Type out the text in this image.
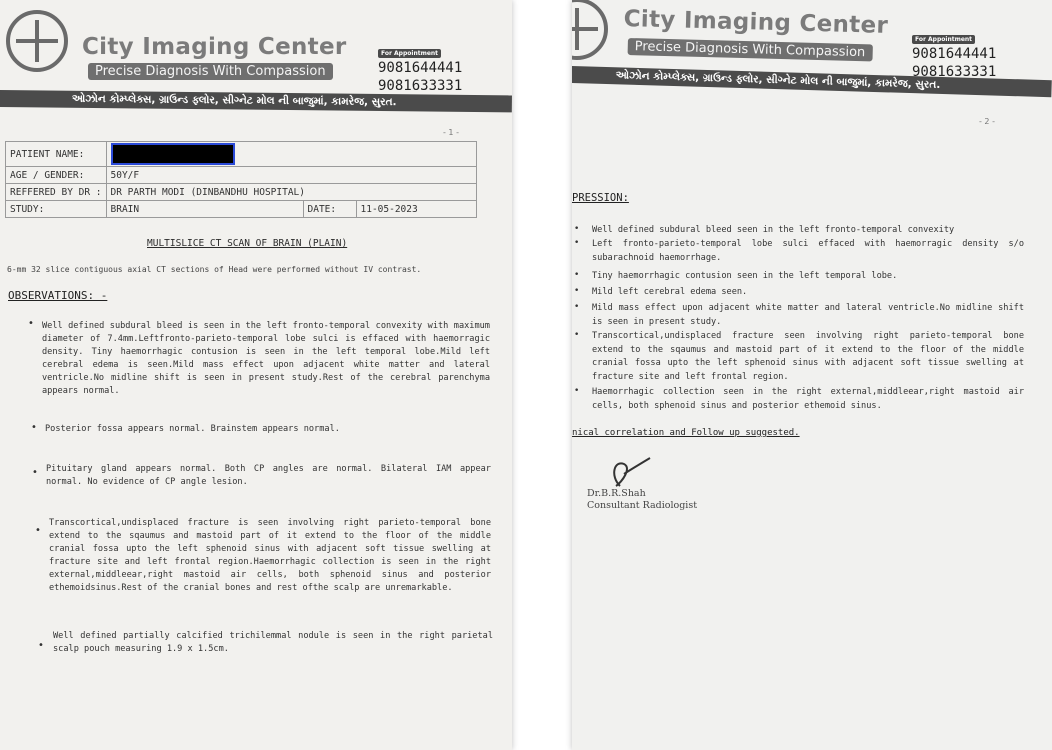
City Imaging Center
Precise Diagnosis With Compassion
For Appointment
9081644441
9081633331
ઓઝોન કોમ્પ્લેક્સ, ગ્રાઉન્ડ ફ્લોર, સીગ્નેટ મોલ ની બાજુમાં, કામરેજ, સુરત.
- 1 -
PATIENT NAME:			
AGE / GENDER:	50Y/F		
REFFERED BY DR :	DR PARTH MODI (DINBANDHU HOSPITAL)		
STUDY:	BRAIN	DATE:	11-05-2023
MULTISLICE CT SCAN OF BRAIN (PLAIN)
6-mm 32 slice contiguous axial CT sections of Head were performed without IV contrast.
OBSERVATIONS: -
• Well defined subdural bleed is seen in the left fronto-temporal convexity with maximum diameter of 7.4mm.Leftfronto-parieto-temporal lobe sulci is effaced with haemorragic density. Tiny haemorrhagic contusion is seen in the left temporal lobe.Mild left cerebral edema is seen.Mild mass effect upon adjacent white matter and lateral ventricle.No midline shift is seen in present study.Rest of the cerebral parenchyma appears normal.
• Posterior fossa appears normal. Brainstem appears normal.
• Pituitary gland appears normal. Both CP angles are normal. Bilateral IAM appear normal. No evidence of CP angle lesion.
•
Transcortical,undisplaced fracture is seen involving right parieto-temporal bone extend to the sqaumus and mastoid part of it extend to the floor of the middle cranial fossa upto the left sphenoid sinus with adjacent soft tissue swelling at fracture site and left frontal region.Haemorrhagic collection is seen in the right external,middleear,right mastoid air cells, both sphenoid sinus and posterior ethemoidsinus.Rest of the cranial bones and rest ofthe scalp are unremarkable.
•
Well defined partially calcified trichilemmal nodule is seen in the right parietal scalp pouch measuring 1.9 x 1.5cm.
City Imaging Center
Precise Diagnosis With Compassion	For Appointment
9081644441
9081633331
ઓઝોન કોમ્પ્લેક્સ, ગ્રાઉન્ડ ફ્લોર, સીગ્નેટ મોલ ની બાજુમાં, કામરેજ, સુરત.
- 2 -
PRESSION:
• Well defined subdural bleed seen in the left fronto-temporal convexity
• Left fronto-parieto-temporal lobe sulci effaced with haemorragic density s/o subarachnoid haemorrhage.
• Tiny haemorrhagic contusion seen in the left temporal lobe.
• Mild left cerebral edema seen.
• Mild mass effect upon adjacent white matter and lateral ventricle.No midline shift is seen in present study.
• Transcortical,undisplaced fracture seen involving right parieto-temporal bone extend to the sqaumus and mastoid part of it extend to the floor of the middle cranial fossa upto the left sphenoid sinus with adjacent soft tissue swelling at fracture site and left frontal region.
• Haemorrhagic collection seen in the right external,middleear,right mastoid air cells, both sphenoid sinus and posterior ethemoid sinus.
nical correlation and Follow up suggested.
Dr.B.R.Shah
Consultant Radiologist
